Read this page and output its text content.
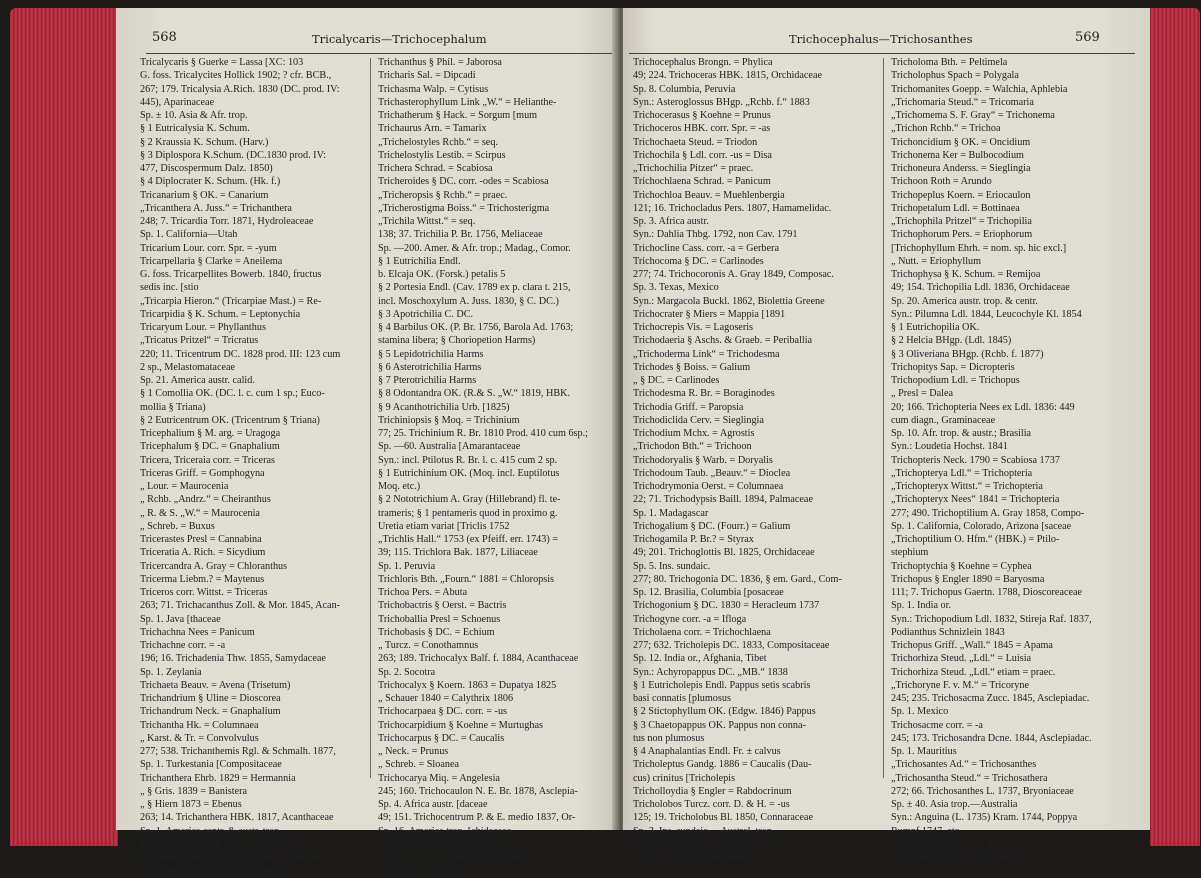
568	Tricalycaris—Trichocephalum
Tricalycaris § Guerke = Lassa [XC: 103
G. foss. Tricalycites Hollick 1902; ? cfr. BCB.,
267; 179. Tricalysia A.Rich. 1830 (DC. prod. IV:
445), Aparinaceae
Sp. ± 10. Asia & Afr. trop.
§ 1 Eutricalysia K. Schum.
§ 2 Kraussia K. Schum. (Harv.)
§ 3 Diplospora K.Schum. (DC.1830 prod. IV:
477, Discospermum Dalz. 1850)
§ 4 Diplocrater K. Schum. (Hk. f.)
Tricanarium § OK. = Canarium
„Tricanthera A. Juss.“ = Trichanthera
248; 7. Tricardia Torr. 1871, Hydroleaceae
Sp. 1. California—Utah
Tricarium Lour. corr. Spr. = -yum
Tricarpellaria § Clarke = Aneilema
G. foss. Tricarpellites Bowerb. 1840, fructus
sedis inc. [stio
„Tricarpia Hieron.“ (Tricarpiae Mast.) = Re-
Tricarpidia § K. Schum. = Leptonychia
Tricaryum Lour. = Phyllanthus
„Tricatus Pritzel“ = Tricratus
220; 11. Tricentrum DC. 1828 prod. III: 123 cum
2 sp., Melastomataceae
Sp. 21. America austr. calid.
§ 1 Comollia OK. (DC. l. c. cum 1 sp.; Euco-
mollia § Triana)
§ 2 Eutricentrum OK. (Tricentrum § Triana)
Tricephalium § M. arg. = Uragoga
Tricephalum § DC. = Gnaphalium
Tricera, Triceraia corr. = Triceras
Triceras Griff. = Gomphogyna
„ Lour. = Maurocenia
„ Rchb. „Andrz.“ = Cheiranthus
„ R. & S. „W.“ = Maurocenia
„ Schreb. = Buxus
Tricerastes Presl = Cannabina
Triceratia A. Rich. = Sicydium
Tricercandra A. Gray = Chloranthus
Tricerma Liebm.? = Maytenus
Triceros corr. Wittst. = Triceras
263; 71. Trichacanthus Zoll. & Mor. 1845, Acan-
Sp. 1. Java [thaceae
Trichachna Nees = Panicum
Trichachne corr. = -a
196; 16. Trichadenia Thw. 1855, Samydaceae
Sp. 1. Zeylania
Trichaeta Beauv. = Avena (Trisetum)
Trichandrium § Uline = Dioscorea
Trichandrum Neck. = Gnaphalium
Trichantha Hk. = Columnaea
„ Karst. & Tr. = Convolvulus
277; 538. Trichanthemis Rgl. & Schmalh. 1877,
Sp. 1. Turkestania [Compositaceae
Trichanthera Ehrb. 1829 = Hermannia
„ § Gris. 1839 = Banistera
„ § Hiern 1873 = Ebenus
263; 14. Trichanthera HBK. 1817, Acanthaceae
Sp. 1. America centr. & austr. trop.
Trichanthodes § OK. = Columnaea [sis
Trichanthodium Sond. & F. v. M. = Gnepho-
„Trichanthus Clem.“ = Trichosanthes
Trichanthus § Phil. = Jaborosa
Tricharis Sal. = Dipcadi
Trichasma Walp. = Cytisus
Trichasterophyllum Link „W.“ = Helianthe-
Trichatherum § Hack. = Sorgum [mum
Trichaurus Arn. = Tamarix
„Trichelostyles Rchb.“ = seq.
Trichelostylis Lestib. = Scirpus
Trichera Schrad. = Scabiosa
Tricheroides § DC. corr. -odes = Scabiosa
„Tricheropsis § Rchb.“ = praec.
„Tricherostigma Boiss.“ = Trichosterigma
„Trichila Wittst.“ = seq.
138; 37. Trichilia P. Br. 1756, Meliaceae
Sp. —200. Amer. & Afr. trop.; Madag., Comor.
§ 1 Eutrichilia Endl.
b. Elcaja OK. (Forsk.) petalis 5
§ 2 Portesia Endl. (Cav. 1789 ex p. clara t. 215,
incl. Moschoxylum A. Juss. 1830, § C. DC.)
§ 3 Apotrichilia C. DC.
§ 4 Barbilus OK. (P. Br. 1756, Barola Ad. 1763;
stamina libera; § Choriopetion Harms)
§ 5 Lepidotrichilia Harms
§ 6 Asterotrichilia Harms
§ 7 Pterotrichilia Harms
§ 8 Odontandra OK. (R.& S. „W.“ 1819, HBK.
§ 9 Acanthotrichilia Urb. [1825)
Trichiniopsis § Moq. = Trichinium
77; 25. Trichinium R. Br. 1810 Prod. 410 cum 6sp.;
Sp. —60. Australia [Amarantaceae
Syn.: incl. Ptilotus R. Br. l. c. 415 cum 2 sp.
§ 1 Eutrichinium OK. (Moq. incl. Euptilotus
Moq. etc.)
§ 2 Nototrichium A. Gray (Hillebrand) fl. te-
trameris; § 1 pentameris quod in proximo g.
Uretia etiam variat [Triclis 1752
„Trichlis Hall.“ 1753 (ex Pfeiff. err. 1743) =
39; 115. Trichlora Bak. 1877, Liliaceae
Sp. 1. Peruvia
Trichloris Bth. „Fourn.“ 1881 = Chloropsis
Trichoa Pers. = Abuta
Trichobactris § Oerst. = Bactris
Trichoballia Presl = Schoenus
Trichobasis § DC. = Echium
„ Turcz. = Conothamnus
263; 189. Trichocalyx Balf. f. 1884, Acanthaceae
Sp. 2. Socotra
Trichocalyx § Koern. 1863 = Dupatya 1825
„ Schauer 1840 = Calythrix 1806
Trichocarpaea § DC. corr. = -us
Trichocarpidium § Koehne = Murtughas
Trichocarpus § DC. = Caucalis
„ Neck. = Prunus
„ Schreb. = Sloanea
Trichocarya Miq. = Angelesia
245; 160. Trichocaulon N. E. Br. 1878, Asclepia-
Sp. 4. Africa austr. [daceae
49; 151. Trichocentrum P. & E. medio 1837, Or-
Sp. 16. America trop. [chidaceae
Syn.: Acoidium Ldl. XII/1837
Trichocephalum § Koch = Trifolium
„ Schur = Dipsacum
Trichocephalus—Trichosanthes	569
Trichocephalus Brongn. = Phylica
49; 224. Trichoceras HBK. 1815, Orchidaceae
Sp. 8. Columbia, Peruvia
Syn.: Asteroglossus BHgp. „Rchb. f.“ 1883
Trichocerasus § Koehne = Prunus
Trichoceros HBK. corr. Spr. = -as
Trichochaeta Steud. = Triodon
Trichochila § Ldl. corr. -us = Disa
„Trichochilia Pitzer“ = praec.
Trichochlaena Schrad. = Panicum
Trichochloa Beauv. = Muehlenbergia
121; 16. Trichocladus Pers. 1807, Hamamelidac.
Sp. 3. Africa austr.
Syn.: Dahlia Thbg. 1792, non Cav. 1791
Trichocline Cass. corr. -a = Gerbera
Trichocoma § DC. = Carlinodes
277; 74. Trichocoronis A. Gray 1849, Composac.
Sp. 3. Texas, Mexico
Syn.: Margacola Buckl. 1862, Biolettia Greene
Trichocrater § Miers = Mappia [1891
Trichocrepis Vis. = Lagoseris
Trichodaeria § Aschs. & Graeb. = Periballia
„Trichoderma Link“ = Trichodesma
Trichodes § Boiss. = Galium
„ § DC. = Carlinodes
Trichodesma R. Br. = Boraginodes
Trichodia Griff. = Paropsia
Trichodiclida Cerv. = Sieglingia
Trichodium Mchx. = Agrostis
„Trichodon Bth.“ = Trichoon
Trichodoryalis § Warb. = Doryalis
Trichodoum Taub. „Beauv.“ = Dioclea
Trichodrymonia Oerst. = Columnaea
22; 71. Trichodypsis Baill. 1894, Palmaceae
Sp. 1. Madagascar
Trichogalium § DC. (Fourr.) = Galium
Trichogamila P. Br.? = Styrax
49; 201. Trichoglottis Bl. 1825, Orchidaceae
Sp. 5. Ins. sundaic.
277; 80. Trichogonia DC. 1836, § em. Gard., Com-
Sp. 12. Brasilia, Columbia [posaceae
Trichogonium § DC. 1830 = Heracleum 1737
Trichogyne corr. -a = Ifloga
Tricholaena corr. = Trichochlaena
277; 632. Tricholepis DC. 1833, Compositaceae
Sp. 12. India or., Afghania, Tibet
Syn.: Achyropappus DC. „MB.“ 1838
§ 1 Eutricholepis Endl. Pappus setis scabris
basi connatis [plumosus
§ 2 Stictophyllum OK. (Edgw. 1846) Pappus
§ 3 Chaetopappus OK. Pappus non conna-
tus non plumosus
§ 4 Anaphalantias Endl. Fr. ± calvus
Tricholeptus Gandg. 1886 = Caucalis (Dau-
cus) crinitus [Tricholepis
Tricholloydia § Engler = Rabdocrinum
Tricholobos Turcz. corr. D. & H. = -us
125; 19. Tricholobus Bl. 1850, Connaraceae
Sp. 3. Ins. sundaic.—Austral. trop.
Tricholobus § Bge. 1868 = Astragalus
„ Turcz. 1854 = Cheiranthus
Tricholoma Bth. = Peltimela
Tricholophus Spach = Polygala
Trichomanites Goepp. = Walchia, Aphlebia
„Trichomaria Steud.“ = Tricomaria
„Trichomema S. F. Gray“ = Trichonema
„Trichon Rchb.“ = Trichoa
Trichoncidium § OK. = Oncidium
Trichonema Ker = Bulbocodium
Trichoneura Anderss. = Sieglingia
Trichoon Roth = Arundo
Trichopeplus Koern. = Eriocaulon
Trichopetalum Ldl. = Bottinaea
„Trichophila Pritzel“ = Trichopilia
Trichophorum Pers. = Eriophorum
[Trichophyllum Ehrh. = nom. sp. hic excl.]
„ Nutt. = Eriophyllum
Trichophysa § K. Schum. = Remijoa
49; 154. Trichopilia Ldl. 1836, Orchidaceae
Sp. 20. America austr. trop. & centr.
Syn.: Pilumna Ldl. 1844, Leucochyle Kl. 1854
§ 1 Eutrichopilia OK.
§ 2 Helcia BHgp. (Ldl. 1845)
§ 3 Oliveriana BHgp. (Rchb. f. 1877)
Trichopitys Sap. = Dicropteris
Trichopodium Ldl. = Trichopus
„ Presl = Dalea
20; 166. Trichopteria Nees ex Ldl. 1836: 449
cum diagn., Graminaceae
Sp. 10. Afr. trop. & austr.; Brasilia
Syn.: Loudetia Hochst. 1841
Trichopteris Neck. 1790 = Scabiosa 1737
„Trichopterya Ldl.“ = Trichopteria
„Trichopteryx Wittst.“ = Trichopteria
„Trichopteryx Nees“ 1841 = Trichopteria
277; 490. Trichoptilium A. Gray 1858, Compo-
Sp. 1. California, Colorado, Arizona [saceae
„Trichoptilium O. Hfm.“ (HBK.) = Ptilo-
stephium
Trichoptychia § Koehne = Cyphea
Trichopus § Engler 1890 = Baryosma
111; 7. Trichopus Gaertn. 1788, Dioscoreaceae
Sp. 1. India or.
Syn.: Trichopodium Ldl. 1832, Stireja Raf. 1837,
Podianthus Schnizlein 1843
Trichopus Griff. „Wall.“ 1845 = Apama
Trichorhiza Steud. „Ldl.“ = Luisia
Trichorhiza Steud. „Ldl.“ etiam = praec.
„Trichoryne F. v. M.“ = Tricoryne
245; 235. Trichosacma Zucc. 1845, Asclepiadac.
Sp. 1. Mexico
Trichosacme corr. = -a
245; 173. Trichosandra Dcne. 1844, Asclepiadac.
Sp. 1. Mauritius
„Trichosantes Ad.“ = Trichosanthes
„Trichosantha Steud.“ = Trichosathera
272; 66. Trichosanthes L. 1737, Bryoniaceae
Sp. ± 40. Asia trop.—Australia
Syn.: Anguina (L. 1735) Kram. 1744, Poppya
Rumpf 1747, etc.
§ 1 Eutrichosanthes W. & A.
§ 2 Involucraria W. & A. (Ser.)
